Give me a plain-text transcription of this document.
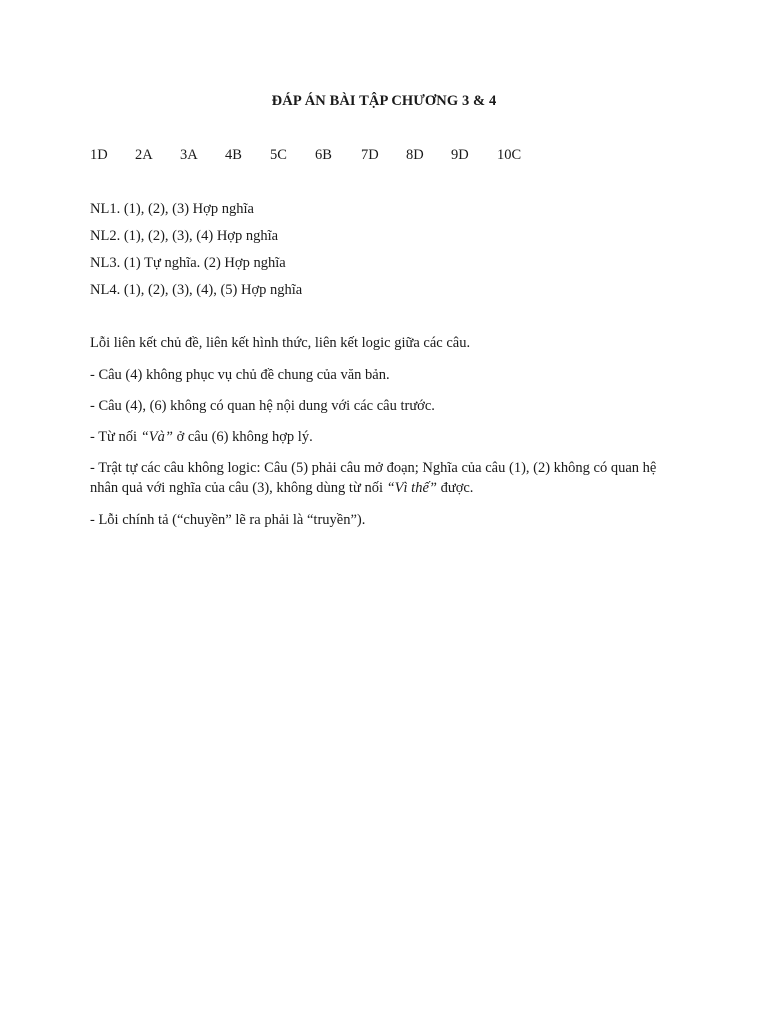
ĐÁP ÁN BÀI TẬP CHƯƠNG 3 & 4
1D 2A 3A 4B 5C 6B 7D 8D 9D 10C
NL1. (1), (2), (3) Hợp nghĩa
NL2. (1), (2), (3), (4) Hợp nghĩa
NL3. (1) Tự nghĩa. (2) Hợp nghĩa
NL4. (1), (2), (3), (4), (5) Hợp nghĩa
Lỗi liên kết chủ đề, liên kết hình thức, liên kết logic giữa các câu.
- Câu (4) không phục vụ chủ đề chung của văn bản.
- Câu (4), (6) không có quan hệ nội dung với các câu trước.
- Từ nối “Và” ở câu (6) không hợp lý.
- Trật tự các câu không logic: Câu (5) phải câu mở đoạn; Nghĩa của câu (1), (2) không có quan hệ nhân quả với nghĩa của câu (3), không dùng từ nối “Vì thế” được.
- Lỗi chính tả (“chuyền” lẽ ra phải là “truyền”).
